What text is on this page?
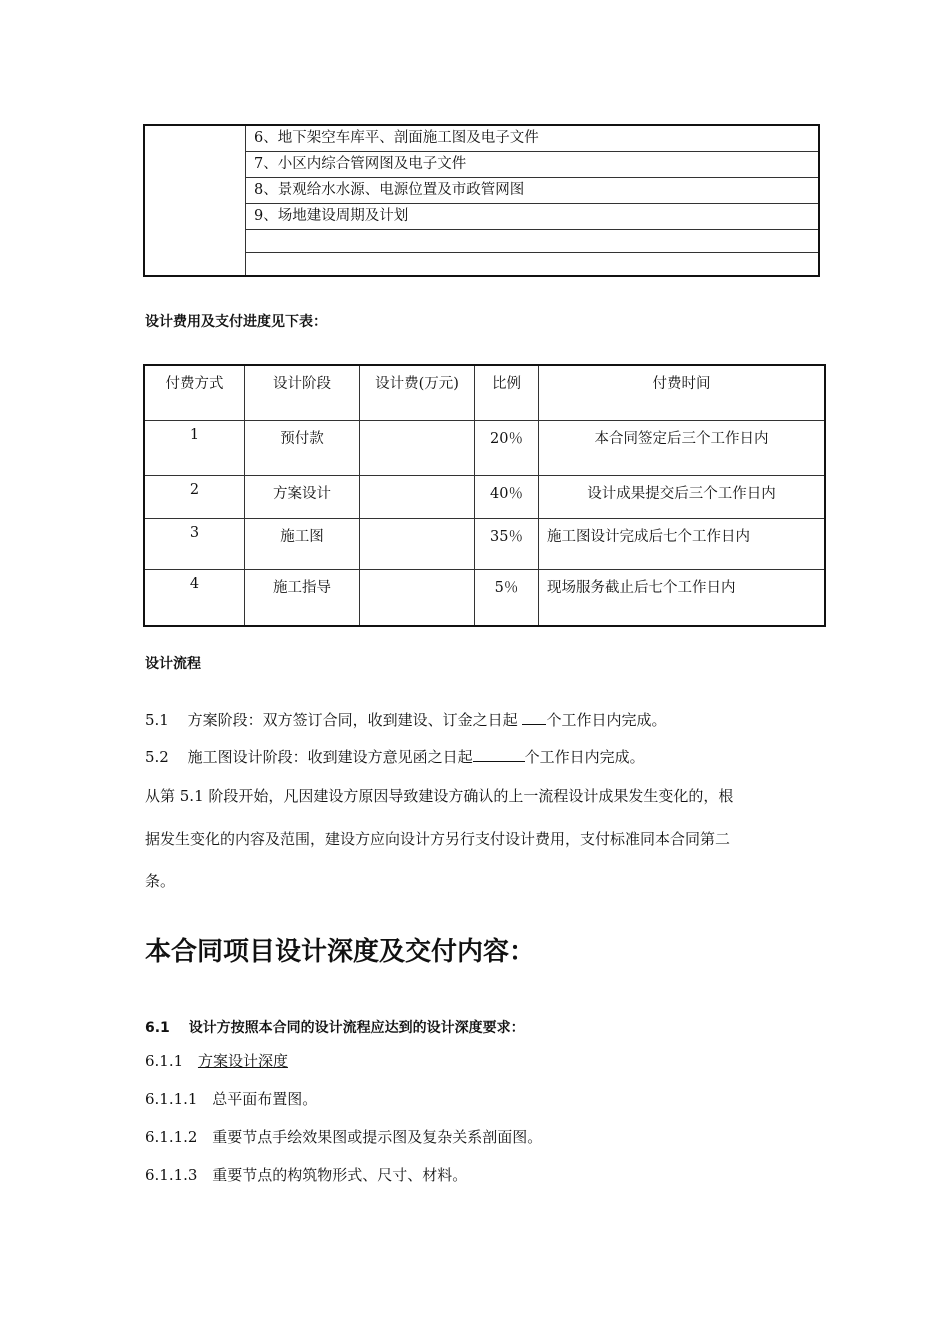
	6、地下架空车库平、剖面施工图及电子文件
7、小区内综合管网图及电子文件
8、景观给水水源、电源位置及市政管网图
9、场地建设周期及计划

设计费用及支付进度见下表：
付费方式	设计阶段	设计费(万元)	比例	付费时间
1	预付款		20％	本合同签定后三个工作日内
2	方案设计		40％	设计成果提交后三个工作日内
3	施工图		35％	施工图设计完成后七个工作日内
4	施工指导		5％	现场服务截止后七个工作日内
设计流程
5.1 方案阶段：双方签订合同，收到建设、订金之日起 个工作日内完成。
5.2 施工图设计阶段：收到建设方意见函之日起	个工作日内完成。
从第 5.1 阶段开始，凡因建设方原因导致建设方确认的上一流程设计成果发生变化的，根
据发生变化的内容及范围，建设方应向设计方另行支付设计费用，支付标准同本合同第二
条。
本合同项目设计深度及交付内容：
6.1 设计方按照本合同的设计流程应达到的设计深度要求：
6.1.1 方案设计深度
6.1.1.1 总平面布置图。
6.1.1.2 重要节点手绘效果图或提示图及复杂关系剖面图。
6.1.1.3 重要节点的构筑物形式、尺寸、材料。
